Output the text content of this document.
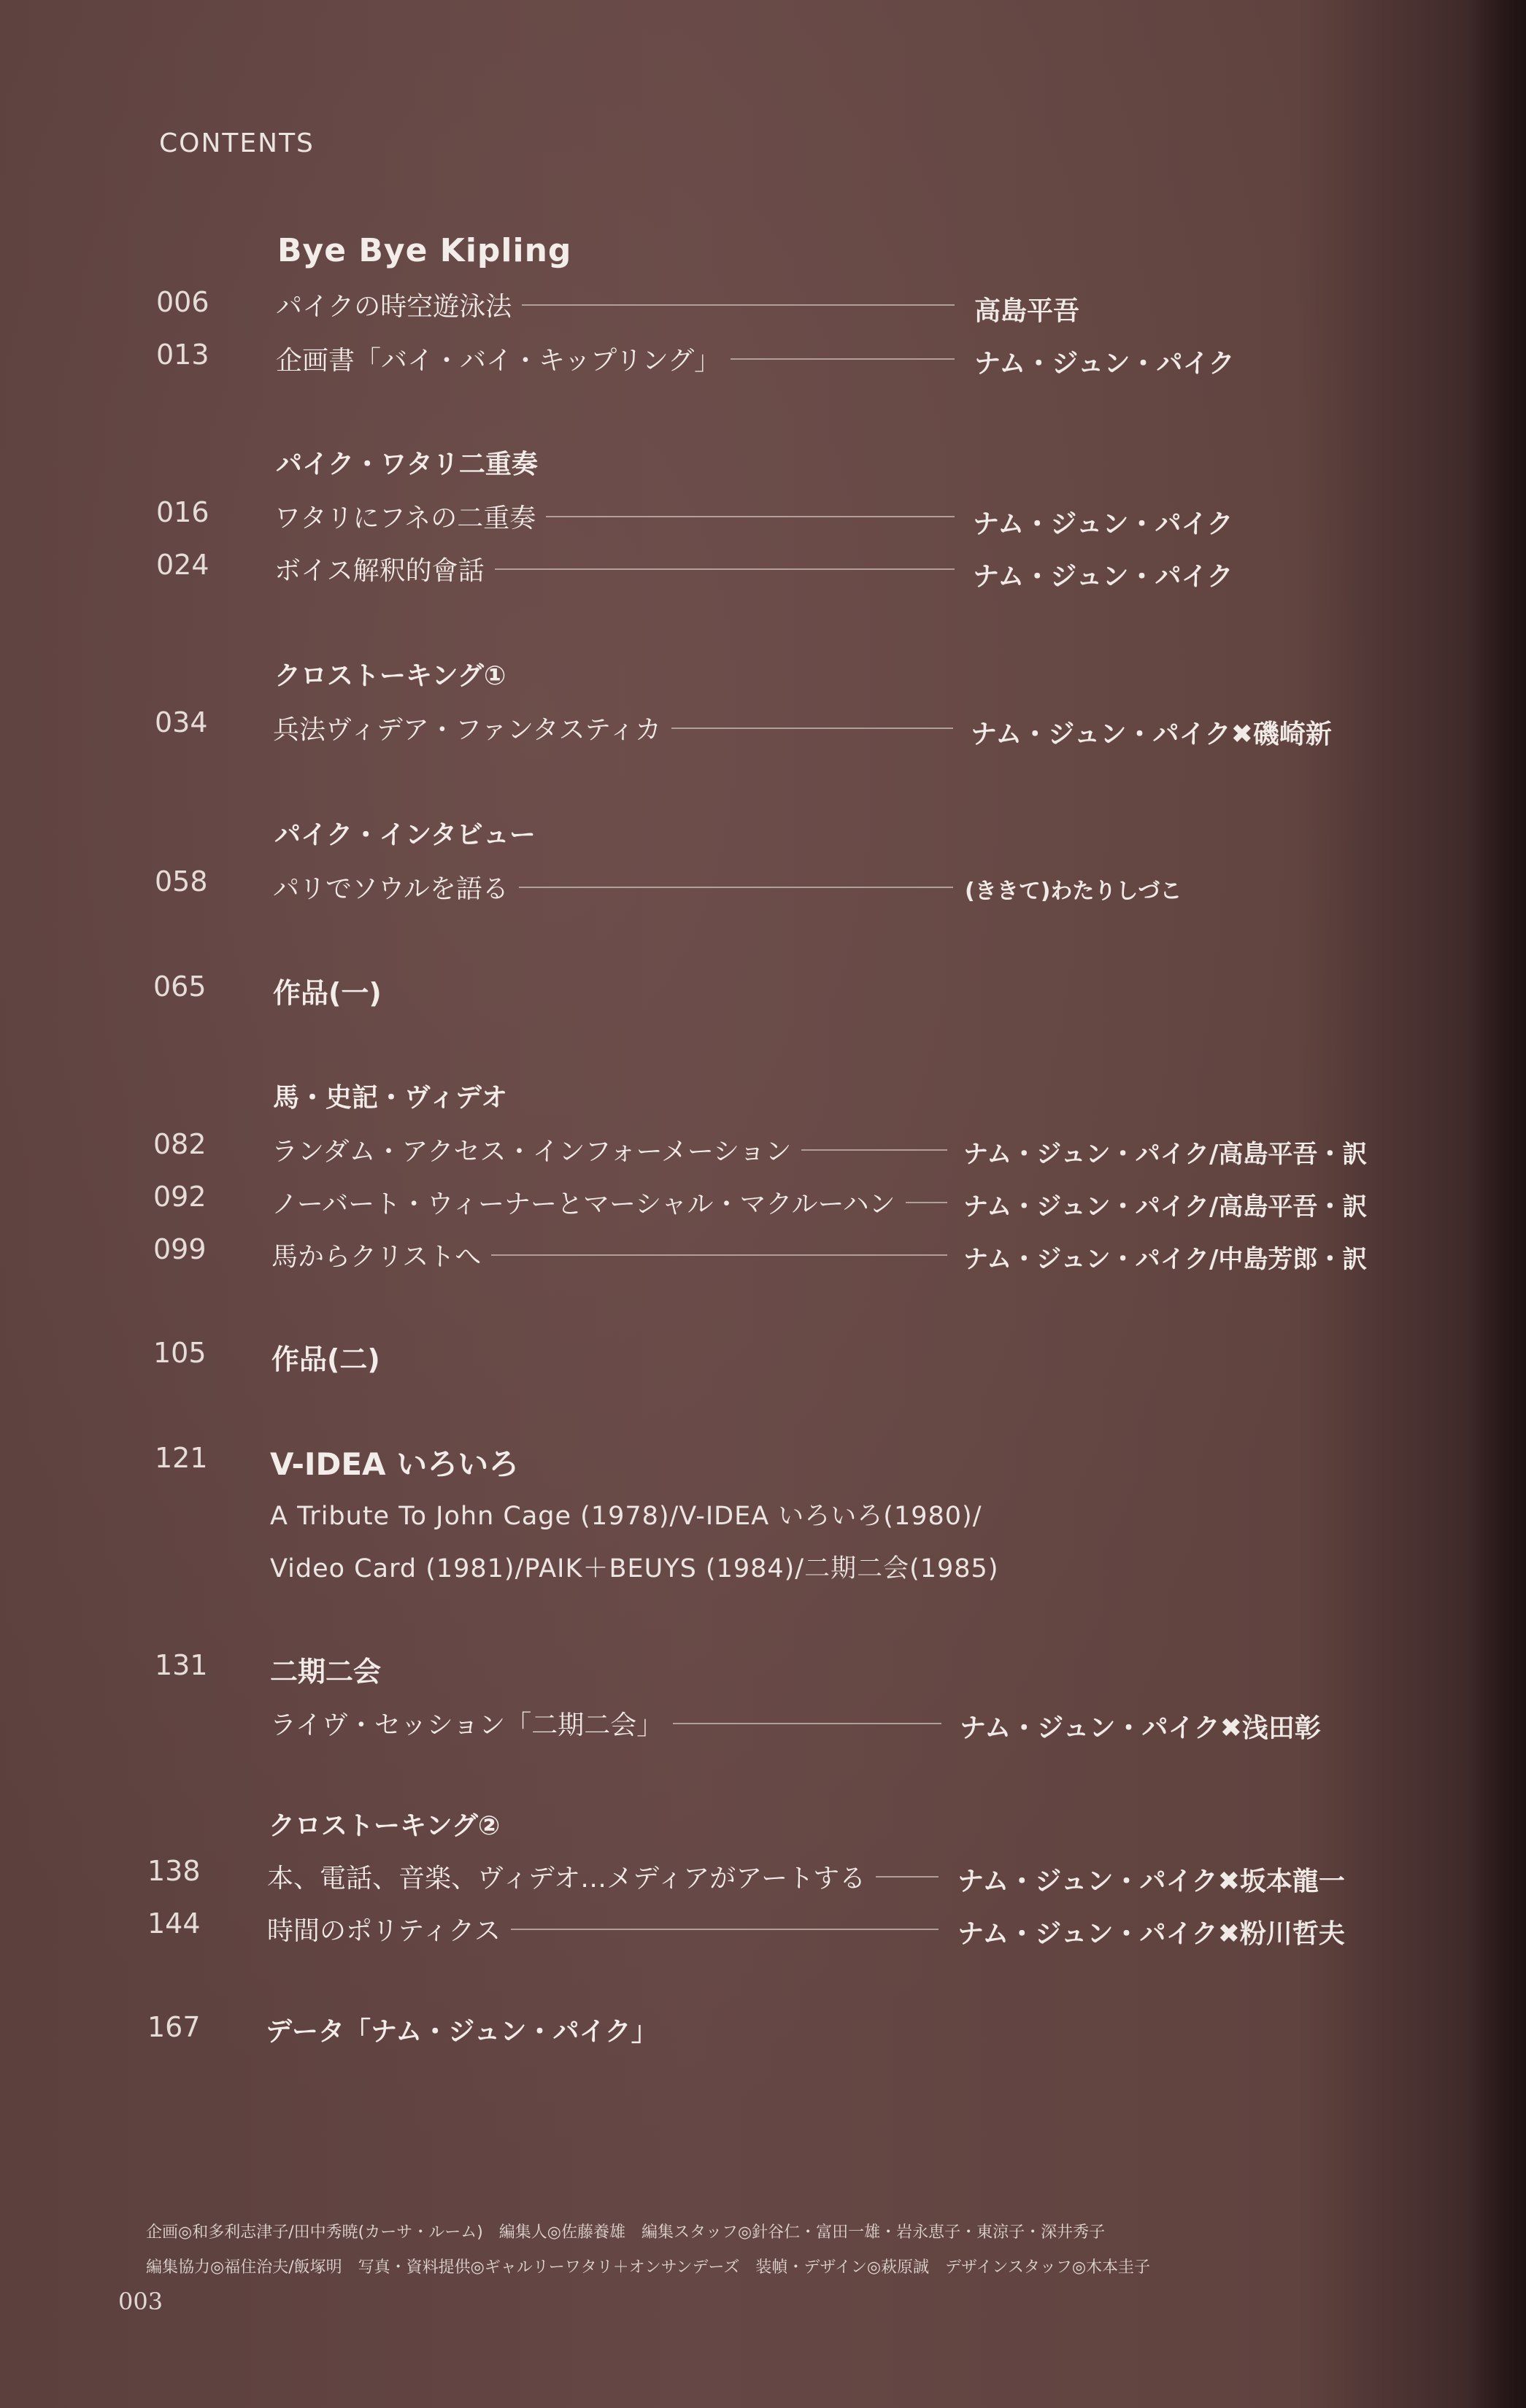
CONTENTS
Bye Bye Kipling
006	パイクの時空遊泳法	高島平吾
013	企画書「バイ・バイ・キップリング」	ナム・ジュン・パイク
パイク・ワタリ二重奏
016 ワタリにフネの二重奏	ナム・ジュン・パイク
024 ボイス解釈的會話	ナム・ジュン・パイク
クロストーキング①
034 兵法ヴィデア・ファンタスティカ	ナム・ジュン・パイク✖磯崎新
パイク・インタビュー
058 パリでソウルを語る	(ききて)わたりしづこ
065 作品(一)
馬・史記・ヴィデオ
082 ランダム・アクセス・インフォーメーション	ナム・ジュン・パイク/高島平吾・訳
092 ノーバート・ウィーナーとマーシャル・マクルーハン	ナム・ジュン・パイク/高島平吾・訳
099 馬からクリストへ	ナム・ジュン・パイク/中島芳郎・訳
105 作品(二)
121 V-IDEA いろいろ
A Tribute To John Cage (1978)/V-IDEA いろいろ(1980)/
Video Card (1981)/PAIK＋BEUYS (1984)/二期二会(1985)
131 二期二会
ライヴ・セッション「二期二会」	ナム・ジュン・パイク✖浅田彰
クロストーキング②
138	本、電話、音楽、ヴィデオ…メディアがアートする	ナム・ジュン・パイク✖坂本龍一
144	時間のポリティクス	ナム・ジュン・パイク✖粉川哲夫
167 データ「ナム・ジュン・パイク」
企画◎和多利志津子/田中秀暁(カーサ・ルーム)　編集人◎佐藤養雄　編集スタッフ◎針谷仁・富田一雄・岩永恵子・東涼子・深井秀子
編集協力◎福住治夫/飯塚明　写真・資料提供◎ギャルリーワタリ＋オンサンデーズ　装幀・デザイン◎萩原誠　デザインスタッフ◎木本圭子
003
